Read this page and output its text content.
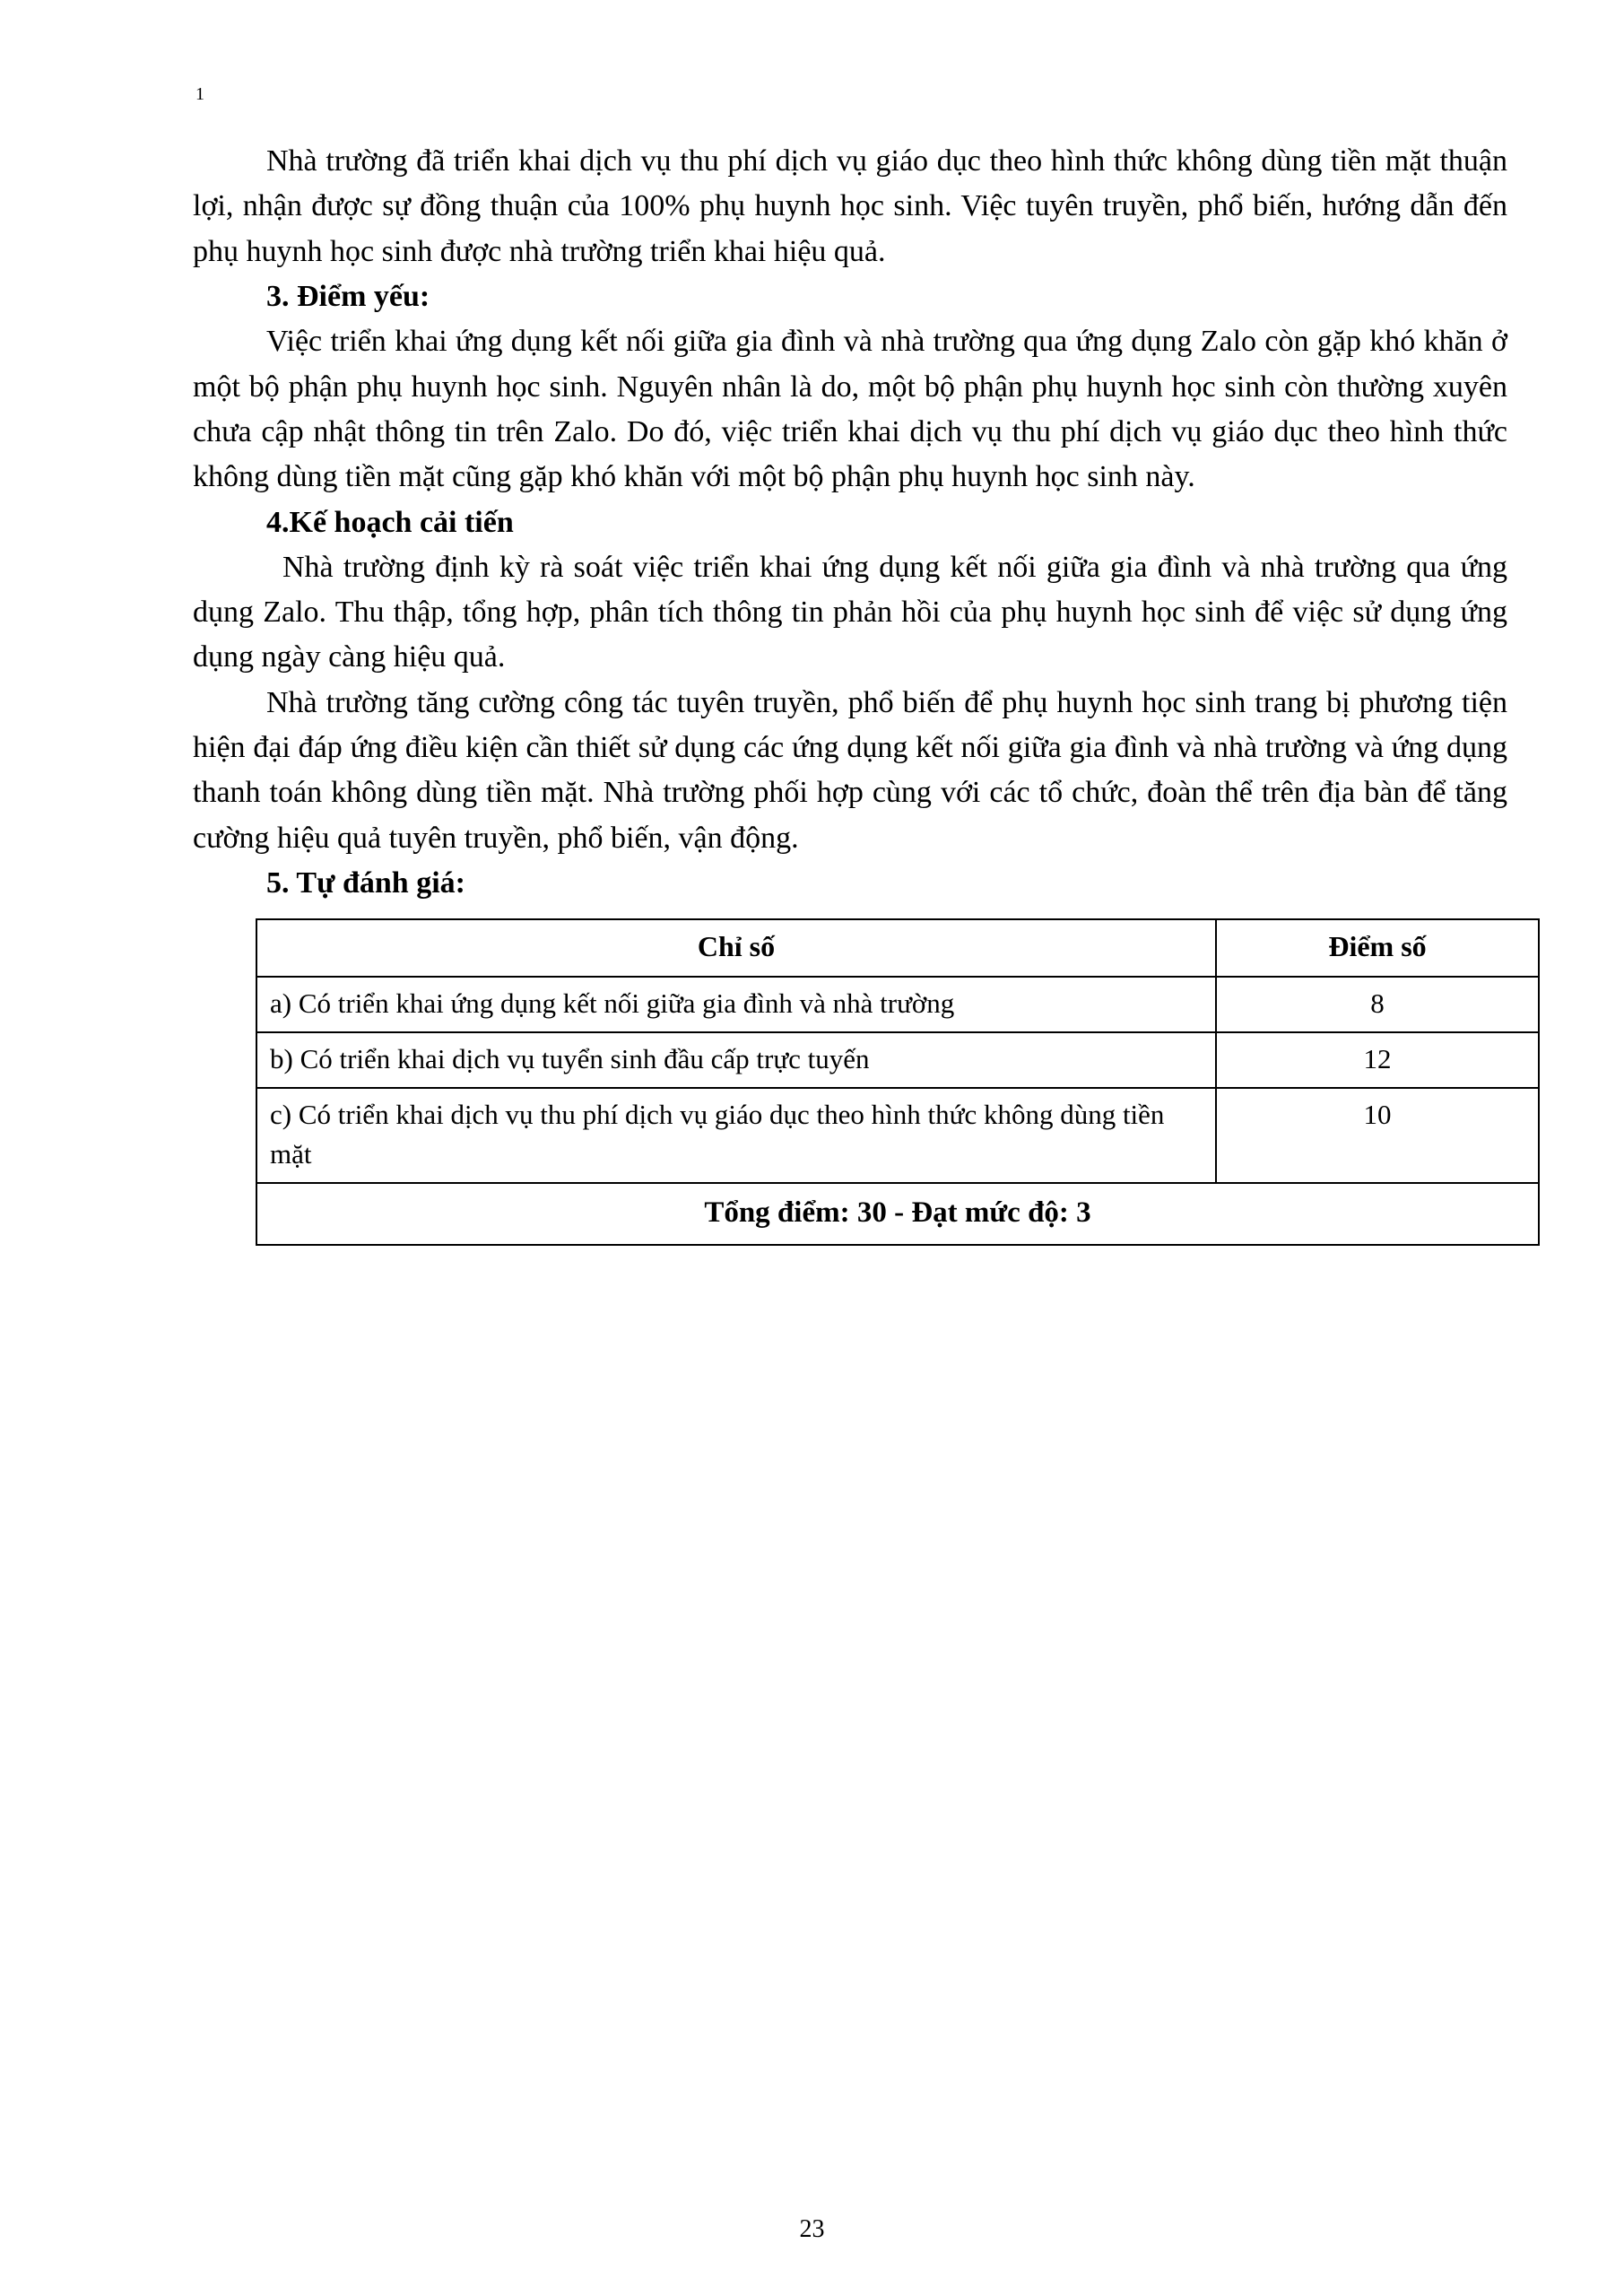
1

Nhà trường đã triển khai dịch vụ thu phí dịch vụ giáo dục theo hình thức không dùng tiền mặt thuận lợi, nhận được sự đồng thuận của 100% phụ huynh học sinh. Việc tuyên truyền, phổ biến, hướng dẫn đến phụ huynh học sinh được nhà trường triển khai hiệu quả.

3. Điểm yếu:

Việc triển khai ứng dụng kết nối giữa gia đình và nhà trường qua ứng dụng Zalo còn gặp khó khăn ở một bộ phận phụ huynh học sinh. Nguyên nhân là do, một bộ phận phụ huynh học sinh còn thường xuyên chưa cập nhật thông tin trên Zalo. Do đó, việc triển khai dịch vụ thu phí dịch vụ giáo dục theo hình thức không dùng tiền mặt cũng gặp khó khăn với một bộ phận phụ huynh học sinh này.

4.Kế hoạch cải tiến

Nhà trường định kỳ rà soát việc triển khai ứng dụng kết nối giữa gia đình và nhà trường qua ứng dụng Zalo. Thu thập, tổng hợp, phân tích thông tin phản hồi của phụ huynh học sinh để việc sử dụng ứng dụng ngày càng hiệu quả.

Nhà trường tăng cường công tác tuyên truyền, phổ biến để phụ huynh học sinh trang bị phương tiện hiện đại đáp ứng điều kiện cần thiết sử dụng các ứng dụng kết nối giữa gia đình và nhà trường và ứng dụng thanh toán không dùng tiền mặt. Nhà trường phối hợp cùng với các tổ chức, đoàn thể trên địa bàn để tăng cường hiệu quả tuyên truyền, phổ biến, vận động.

5. Tự đánh giá:

Chỉ số	Điểm số
a) Có triển khai ứng dụng kết nối giữa gia đình và nhà trường	8
b) Có triển khai dịch vụ tuyển sinh đầu cấp trực tuyến	12
c) Có triển khai dịch vụ thu phí dịch vụ giáo dục theo hình thức không dùng tiền mặt	10
Tổng điểm: 30 - Đạt mức độ: 3	
23
